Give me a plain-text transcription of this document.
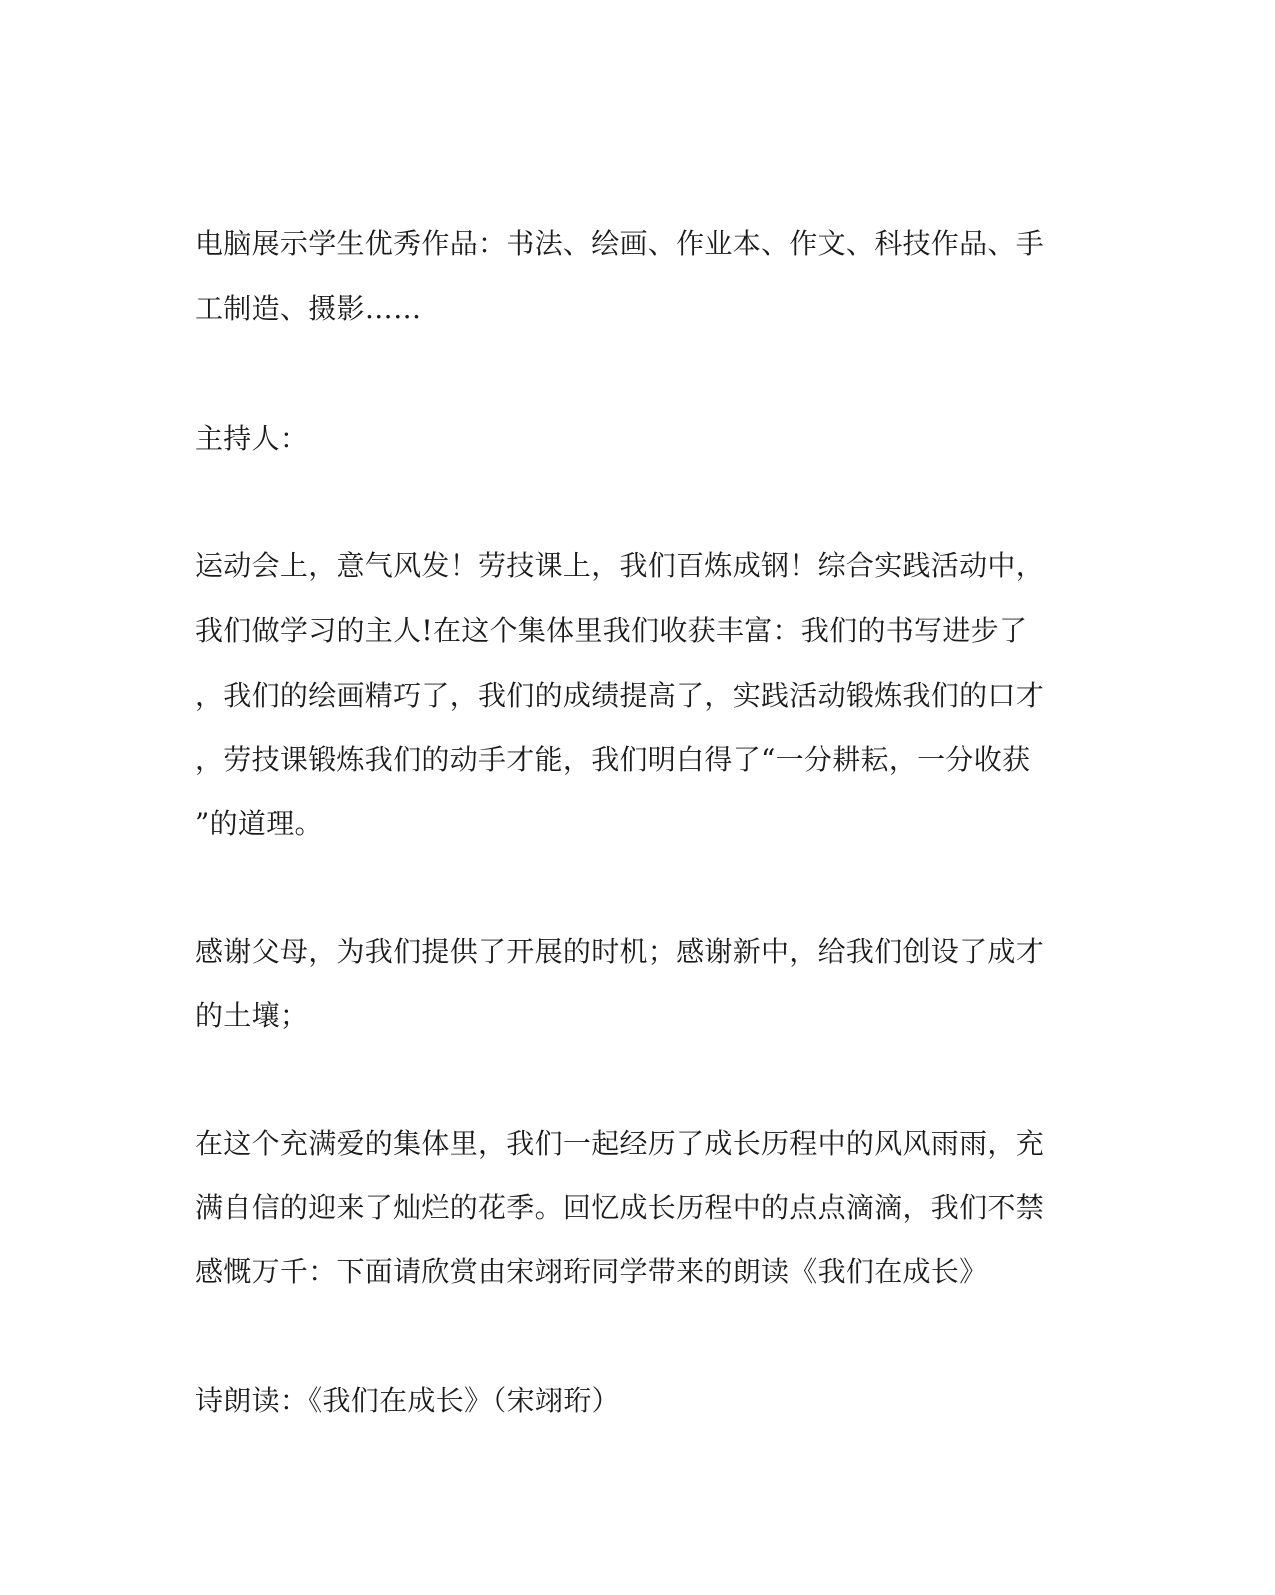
电脑展示学生优秀作品：书法、绘画、作业本、作文、科技作品、手
工制造、摄影……
主持人：
运动会上，意气风发！劳技课上，我们百炼成钢！综合实践活动中，
我们做学习的主人!在这个集体里我们收获丰富：我们的书写进步了
，我们的绘画精巧了，我们的成绩提高了，实践活动锻炼我们的口才
，劳技课锻炼我们的动手才能，我们明白得了“一分耕耘，一分收获
”的道理。
感谢父母，为我们提供了开展的时机；感谢新中，给我们创设了成才
的土壤；
在这个充满爱的集体里，我们一起经历了成长历程中的风风雨雨，充
满自信的迎来了灿烂的花季。回忆成长历程中的点点滴滴，我们不禁
感慨万千：下面请欣赏由宋翊珩同学带来的朗读《我们在成长》
诗朗读：《我们在成长》（宋翊珩）
